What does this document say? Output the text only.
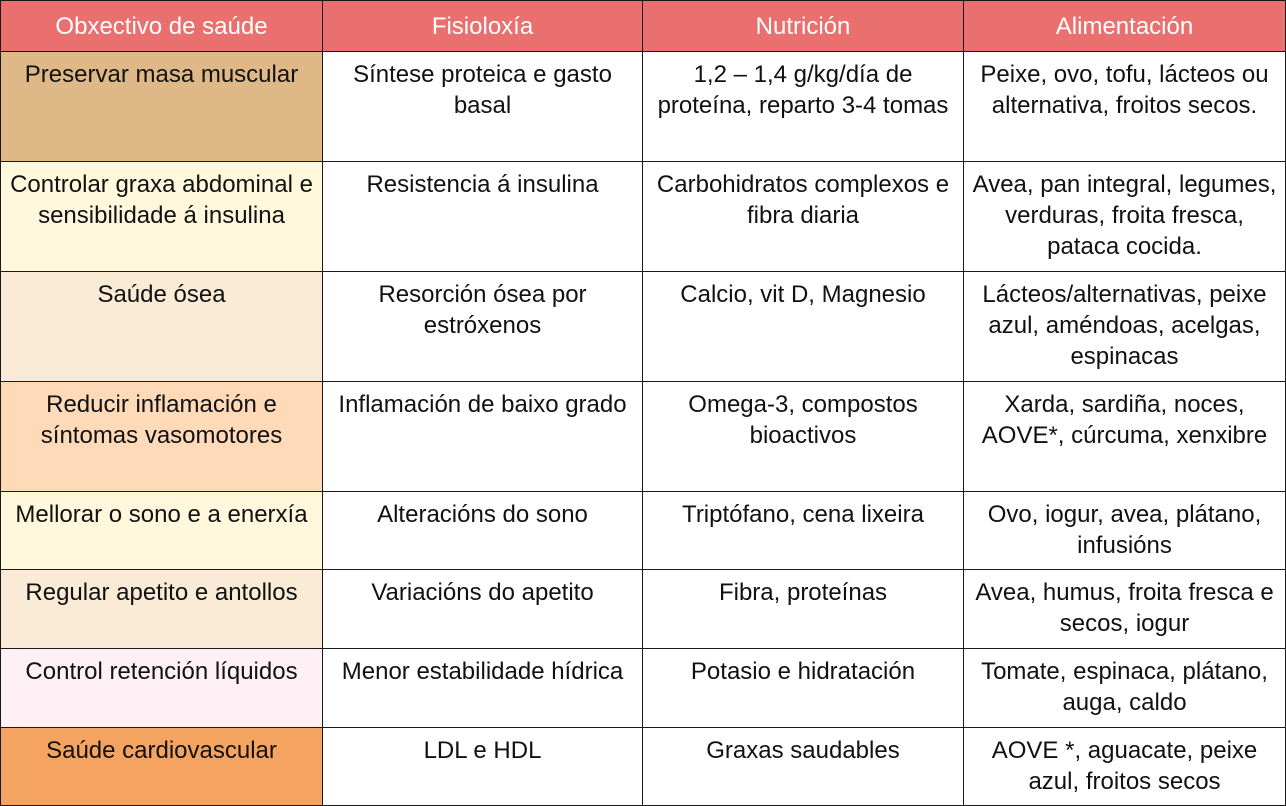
Obxectivo de saúde	Fisioloxía	Nutrición	Alimentación
Preservar masa muscular	Síntese proteica e gasto basal	1,2 – 1,4 g/kg/día de proteína, reparto 3-4 tomas	Peixe, ovo, tofu, lácteos ou alternativa, froitos secos.
Controlar graxa abdominal e sensibilidade á insulina	Resistencia á insulina	Carbohidratos complexos e fibra diaria	Avea, pan integral, legumes, verduras, froita fresca, pataca cocida.
Saúde ósea	Resorción ósea por estróxenos	Calcio, vit D, Magnesio	Lácteos/alternativas, peixe azul, améndoas, acelgas, espinacas
Reducir inflamación e síntomas vasomotores	Inflamación de baixo grado	Omega-3, compostos bioactivos	Xarda, sardiña, noces, AOVE*, cúrcuma, xenxibre
Mellorar o sono e a enerxía	Alteracións do sono	Triptófano, cena lixeira	Ovo, iogur, avea, plátano, infusións
Regular apetito e antollos	Variacións do apetito	Fibra, proteínas	Avea, humus, froita fresca e secos, iogur
Control retención líquidos	Menor estabilidade hídrica	Potasio e hidratación	Tomate, espinaca, plátano, auga, caldo
Saúde cardiovascular	LDL e HDL	Graxas saudables	AOVE *, aguacate, peixe azul, froitos secos
